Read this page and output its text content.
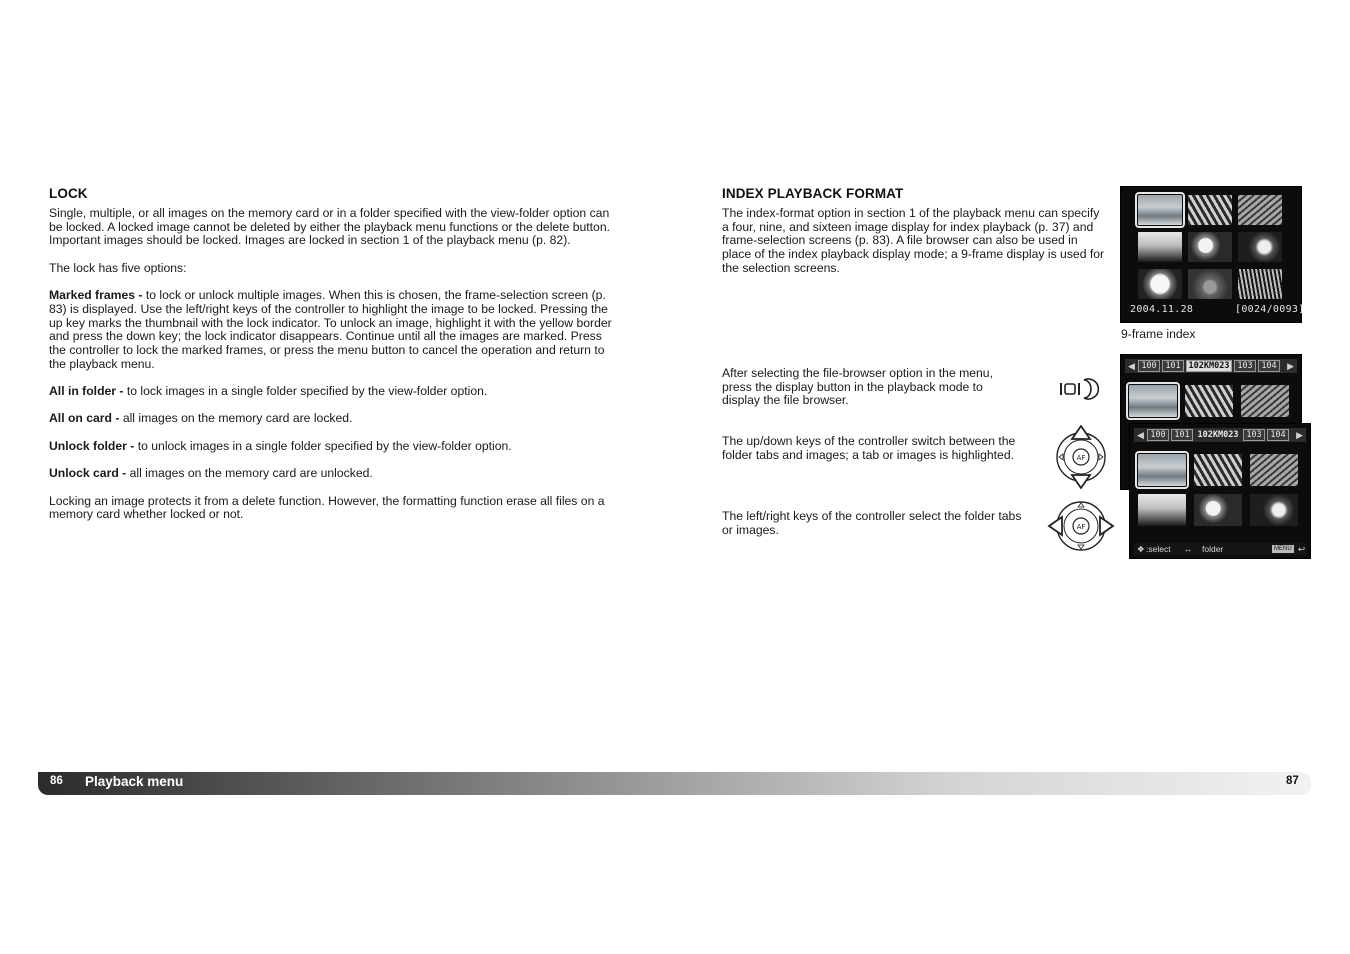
LOCK

Single, multiple, or all images on the memory card or in a folder specified with the view-folder option can be locked. A locked image cannot be deleted by either the playback menu functions or the delete button. Important images should be locked. Images are locked in section 1 of the playback menu (p. 82).

The lock has five options:

Marked frames - to lock or unlock multiple images. When this is chosen, the frame-selection screen (p. 83) is displayed. Use the left/right keys of the controller to highlight the image to be locked. Pressing the up key marks the thumbnail with the lock indicator. To unlock an image, highlight it with the yellow border and press the down key; the lock indicator disappears. Continue until all the images are marked. Press the controller to lock the marked frames, or press the menu button to cancel the operation and return to the playback menu.

All in folder - to lock images in a single folder specified by the view-folder option.

All on card - all images on the memory card are locked.

Unlock folder - to unlock images in a single folder specified by the view-folder option.

Unlock card - all images on the memory card are unlocked.

Locking an image protects it from a delete function. However, the formatting function erase all files on a memory card whether locked or not.

INDEX PLAYBACK FORMAT

The index-format option in section 1 of the playback menu can specify a four, nine, and sixteen image display for index playback (p. 37) and frame-selection screens (p. 83). A file browser can also be used in place of the index playback display mode; a 9-frame display is used for the selection screens.

2004.11.28	[0024/0093]
9-frame index

After selecting the file-browser option in the menu, press the display button in the playback mode to display the file browser.

The up/down keys of the controller switch between the folder tabs and images; a tab or images is highlighted.

The left/right keys of the controller select the folder tabs or images.

AF
AF
◀ 100	101 102KM023 103	104	▶
◀ 100	101 102KM023 103	104	▶
❖ :select ↔ folder	MENU ↩
86 Playback menu	87
